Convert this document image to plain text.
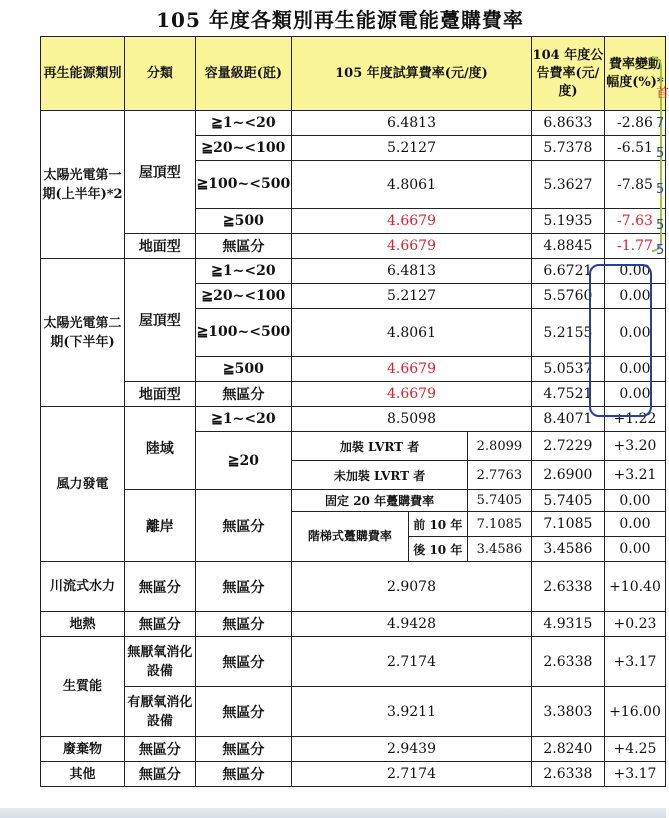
105 年度各類別再生能源電能躉購費率
再生能源類別	分類	容量級距(瓩)	105 年度試算費率(元/度)			104 年度公告費率(元/度)	費率變動幅度(%)*
太陽光電第一期(上半年)*2	屋頂型	≧1~<20	6.4813			6.8633	-2.86
		≧20~<100	5.2127			5.7378	-6.51
		≧100~<500	4.8061			5.3627	-7.85
		≧500	4.6679			5.1935	-7.63

	地面型	無區分	4.6679			4.8845	-1.77
太陽光電第二期(下半年)	屋頂型	≧1~<20	6.4813			6.6721	0.00
		≧20~<100	5.2127			5.5760	0.00
		≧100~<500	4.8061			5.2155	0.00
		≧500	4.6679			5.0537	0.00

	地面型	無區分	4.6679			4.7521	0.00
風力發電	陸域	≧1~<20	8.5098			8.4071	+1.22
		≧20	加裝 LVRT 者		2.8099	2.7229	+3.20
			未加裝 LVRT 者		2.7763	2.6900	+3.21
	離岸	無區分	固定 20 年躉購費率		5.7405	5.7405	0.00
			階梯式躉購費率	前 10 年	7.1085	7.1085	0.00
				後 10 年	3.4586	3.4586	0.00
川流式水力	無區分	無區分	2.9078			2.6338	+10.40
地熱	無區分	無區分	4.9428			4.9315	+0.23
生質能	無厭氧消化設備	無區分	2.7174			2.6338	+3.17
	有厭氧消化設備	無區分	3.9211			3.3803	+16.00
廢棄物	無區分	無區分	2.9439			2.8240	+4.25
其他	無區分	無區分	2.7174			2.6338	+3.17
首
7
5
5
5
5
